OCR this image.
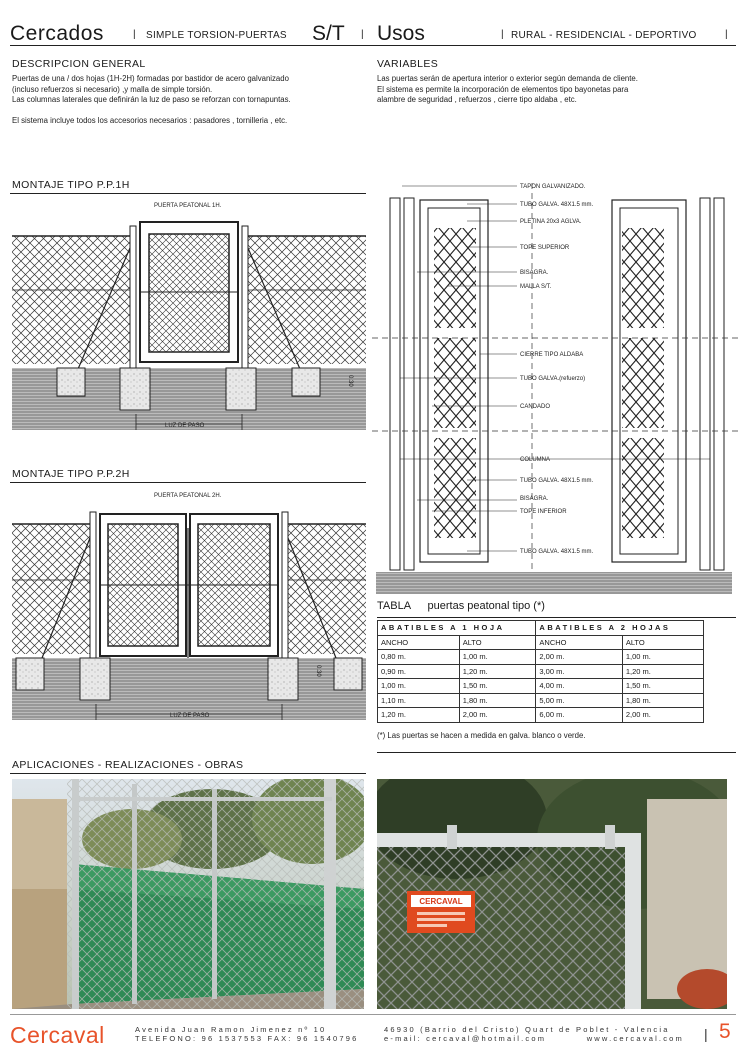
Cercados	| SIMPLE TORSION-PUERTAS S/T | Usos	| RURAL - RESIDENCIAL - DEPORTIVO	|
DESCRIPCION GENERAL

Puertas de una / dos hojas (1H-2H) formadas por bastidor de acero galvanizado

(incluso refuerzos si necesario) ,y malla de simple torsión.

Las columnas laterales que definirán la luz de paso se reforzan con tornapuntas.

El sistema incluye todos los accesorios necesarios : pasadores , tornilleria , etc.

VARIABLES

Las puertas serán de apertura interior o exterior según demanda de cliente.

El sistema es permite la incorporación de elementos tipo bayonetas para

alambre de seguridad , refuerzos , cierre tipo aldaba , etc.

MONTAJE TIPO P.P.1H
PUERTA PEATONAL 1H.
LUZ DE PASO
0.30
MONTAJE TIPO P.P.2H
PUERTA PEATONAL 2H.
LUZ DE PASO
0.30
TAPON GALVANIZADO.
TUBO GALVA. 48X1.5 mm.
PLETINA 20x3 AGLVA.
TOPE SUPERIOR
BISAGRA.
MALLA S/T.
CIERRE TIPO ALDABA
TUBO GALVA.(refuerzo)
CANDADO
COLUMNA
TUBO GALVA. 48X1.5 mm.
BISAGRA.
TOPE INFERIOR
TUBO GALVA. 48X1.5 mm.
TABLA puertas peatonal tipo (*)
ABATIBLES A 1 HOJA		ABATIBLES A 2 HOJAS	
ANCHO	ALTO	ANCHO	ALTO
0,80 m.	1,00 m.	2,00 m.	1,00 m.
0,90 m.	1,20 m.	3,00 m.	1,20 m.
1,00 m.	1,50 m.	4,00 m.	1,50 m.
1,10 m.	1,80 m.	5,00 m.	1,80 m.
1,20 m.	2,00 m.	6,00 m.	2,00 m.
(*) Las puertas se hacen a medida en galva. blanco o verde.
APLICACIONES - REALIZACIONES - OBRAS
CERCAVAL
Cercaval	Avenida Juan Ramon Jimenez nº 10
TELEFONO: 96 1537553 FAX: 96 1540796
46930 (Barrio del Cristo) Quart de Poblet - Valencia
e-mail: cercaval@hotmail.com	www.cercaval.com | 5
